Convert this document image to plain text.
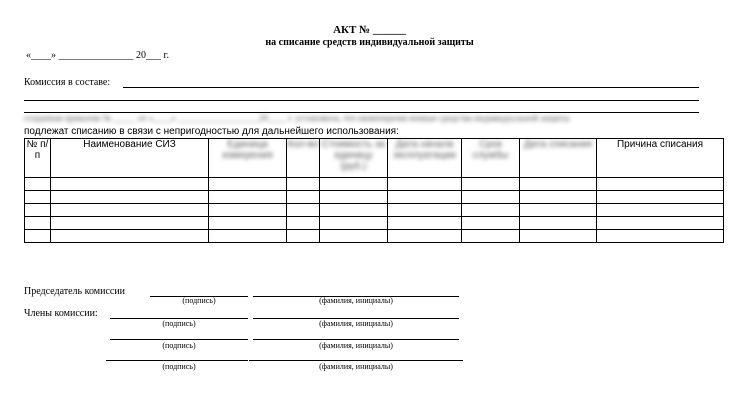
АКТ № ______
на списание средств индивидуальной защиты
«____» _______________ 20___ г.
Комиссия в составе:
созданная приказом № _____ от «____» __________________20____ г. установила, что нижеперечисленные средства индивидуальной защиты
подлежат списанию в связи с непригодностью для дальнейшего использования:
№ п/п	Наименование СИЗ	Единица измерения	Кол-во	Стоимость за единицу (руб.)	Дата начала эксплуатации	Срок службы	Дата списания	Причина списания

Председатель комиссии
(подпись)	(фамилия, инициалы)
Члены комиссии:
(подпись)	(фамилия, инициалы)
(подпись)	(фамилия, инициалы)
(подпись)	(фамилия, инициалы)
